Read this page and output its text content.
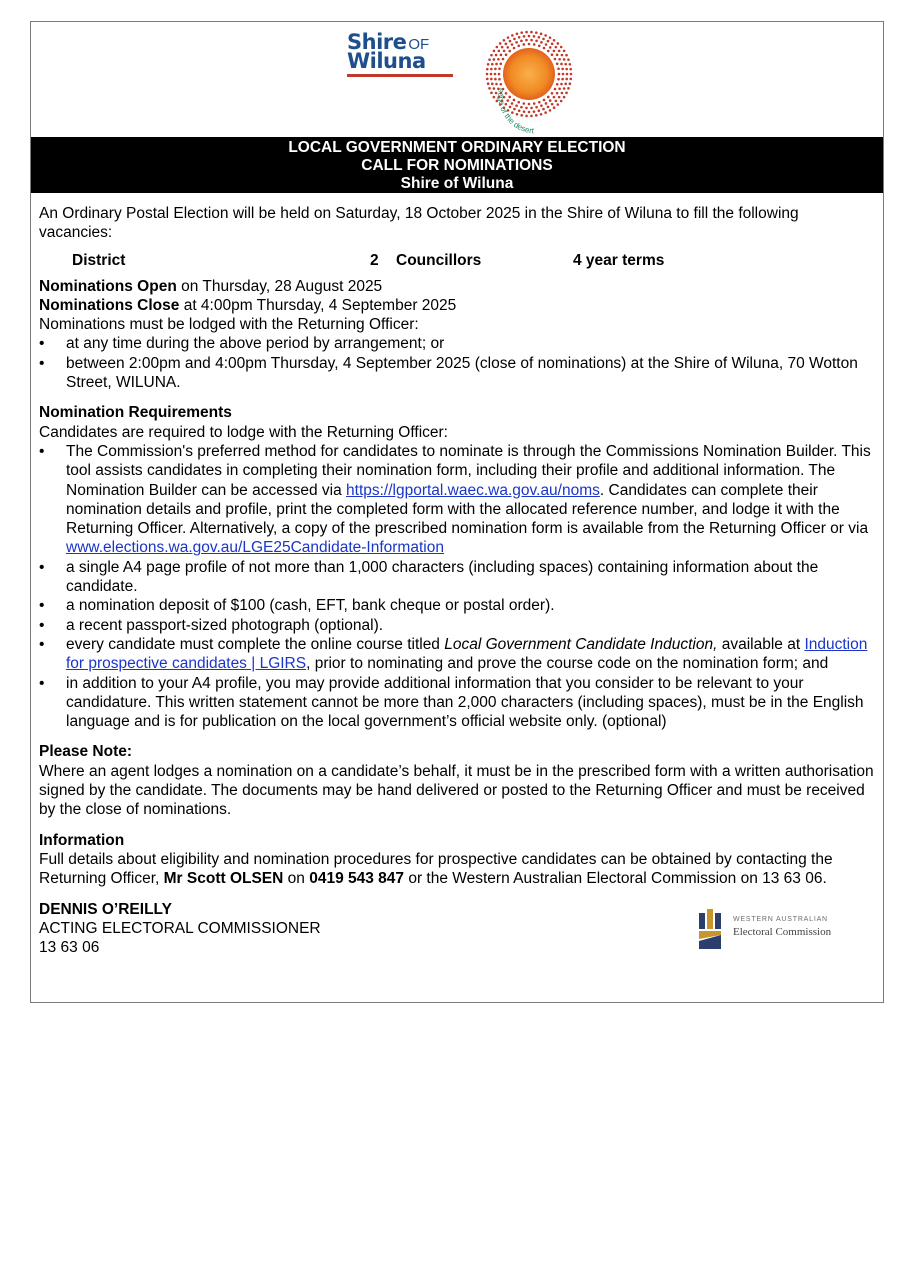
Shire OF
Wiluna
edge of the desert
LOCAL GOVERNMENT ORDINARY ELECTION
CALL FOR NOMINATIONS
Shire of Wiluna

An Ordinary Postal Election will be held on Saturday, 18 October 2025 in the Shire of Wiluna to fill the following vacancies:

District	2 Councillors	4 year terms

Nominations Open on Thursday, 28 August 2025

Nominations Close at 4:00pm Thursday, 4 September 2025

Nominations must be lodged with the Returning Officer:

• at any time during the above period by arrangement; or
• between 2:00pm and 4:00pm Thursday, 4 September 2025 (close of nominations) at the Shire of Wiluna, 70 Wotton Street, WILUNA.

Nomination Requirements

Candidates are required to lodge with the Returning Officer:

• The Commission's preferred method for candidates to nominate is through the Commissions Nomination Builder. This tool assists candidates in completing their nomination form, including their profile and additional information. The Nomination Builder can be accessed via https://lgportal.waec.wa.gov.au/noms. Candidates can complete their nomination details and profile, print the completed form with the allocated reference number, and lodge it with the Returning Officer. Alternatively, a copy of the prescribed nomination form is available from the Returning Officer or via www.elections.wa.gov.au/LGE25Candidate-Information
• a single A4 page profile of not more than 1,000 characters (including spaces) containing information about the candidate.
• a nomination deposit of $100 (cash, EFT, bank cheque or postal order).
• a recent passport-sized photograph (optional).
• every candidate must complete the online course titled Local Government Candidate Induction, available at Induction for prospective candidates | LGIRS, prior to nominating and prove the course code on the nomination form; and
• in addition to your A4 profile, you may provide additional information that you consider to be relevant to your candidature. This written statement cannot be more than 2,000 characters (including spaces), must be in the English language and is for publication on the local government’s official website only. (optional)

Please Note:

Where an agent lodges a nomination on a candidate’s behalf, it must be in the prescribed form with a written authorisation signed by the candidate. The documents may be hand delivered or posted to the Returning Officer and must be received by the close of nominations.

Information

Full details about eligibility and nomination procedures for prospective candidates can be obtained by contacting the Returning Officer, Mr Scott OLSEN on 0419 543 847 or the Western Australian Electoral Commission on 13 63 06.

DENNIS O’REILLY

ACTING ELECTORAL COMMISSIONER

13 63 06

WESTERN AUSTRALIAN
Electoral Commission
